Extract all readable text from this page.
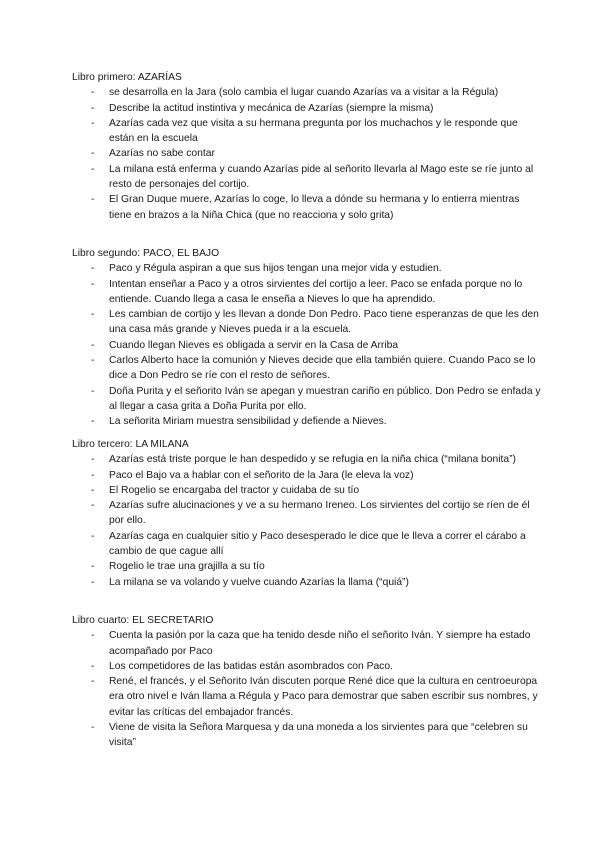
Libro primero: AZARÍAS
- se desarrolla en la Jara (solo cambia el lugar cuando Azarías va a visitar a la Régula)
- Describe la actitud instintiva y mecánica de Azarías (siempre la misma)
- Azarías cada vez que visita a su hermana pregunta por los muchachos y le responde que están en la escuela
- Azarías no sabe contar
- La milana está enferma y cuando Azarías pide al señorito llevarla al Mago este se ríe junto al resto de personajes del cortijo.
- El Gran Duque muere, Azarías lo coge, lo lleva a dónde su hermana y lo entierra mientras tiene en brazos a la Niña Chica (que no reacciona y solo grita)
Libro segundo: PACO, EL BAJO
- Paco y Régula aspiran a que sus hijos tengan una mejor vida y estudien.
- Intentan enseñar a Paco y a otros sirvientes del cortijo a leer. Paco se enfada porque no lo entiende. Cuando llega a casa le enseña a Nieves lo que ha aprendido.
- Les cambian de cortijo y les llevan a donde Don Pedro. Paco tiene esperanzas de que les den una casa más grande y Nieves pueda ir a la escuela.
- Cuando llegan Nieves es obligada a servir en la Casa de Arriba
- Carlos Alberto hace la comunión y Nieves decide que ella también quiere. Cuando Paco se lo dice a Don Pedro se ríe con el resto de señores.
- Doña Purita y el señorito Iván se apegan y muestran cariño en público. Don Pedro se enfada y al llegar a casa grita a Doña Purita por ello.
- La señorita Miriam muestra sensibilidad y defiende a Nieves.
Libro tercero: LA MILANA
- Azarías está triste porque le han despedido y se refugia en la niña chica (“milana bonita”)
- Paco el Bajo va a hablar con el señorito de la Jara (le eleva la voz)
- El Rogelio se encargaba del tractor y cuidaba de su tío
- Azarías sufre alucinaciones y ve a su hermano Ireneo. Los sirvientes del cortijo se ríen de él por ello.
- Azarías caga en cualquier sitio y Paco desesperado le dice que le lleva a correr el cárabo a cambio de que cague allí
- Rogelio le trae una grajilla a su tío
- La milana se va volando y vuelve cuando Azarías la llama (“quiá”)
Libro cuarto: EL SECRETARIO
- Cuenta la pasión por la caza que ha tenido desde niño el señorito Iván. Y siempre ha estado acompañado por Paco
- Los competidores de las batidas están asombrados con Paco.
- René, el francés, y el Señorito Iván discuten porque René dice que la cultura en centroeuropa era otro nivel e Iván llama a Régula y Paco para demostrar que saben escribir sus nombres, y evitar las críticas del embajador francés.
- Viene de visita la Señora Marquesa y da una moneda a los sirvientes para que “celebren su visita”
